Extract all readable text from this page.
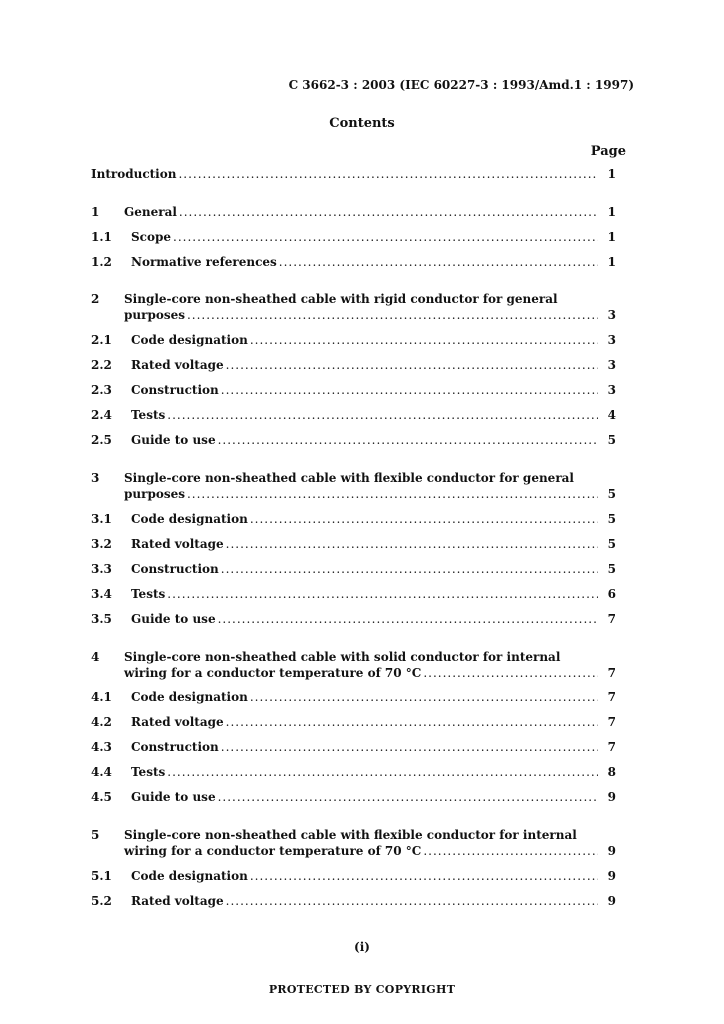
C 3662-3 : 2003 (IEC 60227-3 : 1993/Amd.1 : 1997)
Contents
Page
Introduction .....	1
1	General .....	1
1.1	Scope .....	1
1.2	Normative references .....	1
2	Single-core non-sheathed cable with rigid conductor for general
purposes .....	3
2.1	Code designation .....	3
2.2	Rated voltage .....	3
2.3	Construction .....	3
2.4	Tests .....	4
2.5	Guide to use .....	5
3	Single-core non-sheathed cable with flexible conductor for general
purposes .....	5
3.1	Code designation .....	5
3.2	Rated voltage .....	5
3.3	Construction .....	5
3.4	Tests .....	6
3.5	Guide to use .....	7
4	Single-core non-sheathed cable with solid conductor for internal
wiring for a conductor temperature of 70 °C .....	7
4.1	Code designation .....	7
4.2	Rated voltage .....	7
4.3	Construction .....	7
4.4	Tests .....	8
4.5	Guide to use .....	9
5	Single-core non-sheathed cable with flexible conductor for internal
wiring for a conductor temperature of 70 °C .....	9
5.1	Code designation .....	9
5.2	Rated voltage .....	9
(i)
PROTECTED BY COPYRIGHT
